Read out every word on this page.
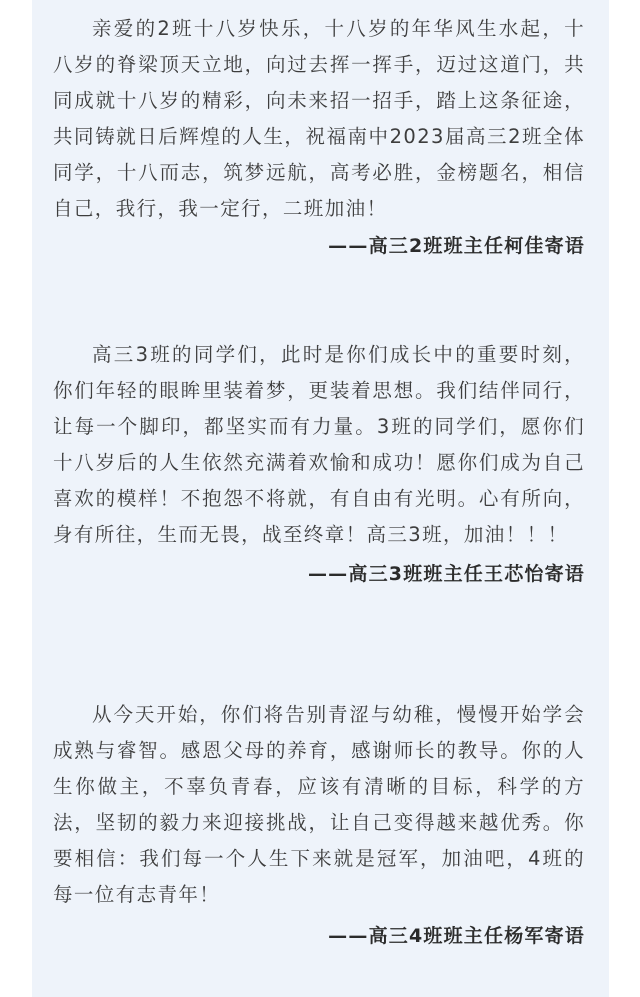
亲爱的2班十八岁快乐，十八岁的年华风生水起，十八岁的脊梁顶天立地，向过去挥一挥手，迈过这道门，共同成就十八岁的精彩，向未来招一招手，踏上这条征途，共同铸就日后辉煌的人生，祝福南中2023届高三2班全体同学，十八而志，筑梦远航，高考必胜，金榜题名，相信自己，我行，我一定行，二班加油！

——高三2班班主任柯佳寄语

高三3班的同学们，此时是你们成长中的重要时刻，你们年轻的眼眸里装着梦，更装着思想。我们结伴同行，让每一个脚印，都坚实而有力量。3班的同学们，愿你们十八岁后的人生依然充满着欢愉和成功！愿你们成为自己喜欢的模样！不抱怨不将就，有自由有光明。心有所向，身有所往，生而无畏，战至终章！高三3班，加油！！！

——高三3班班主任王芯怡寄语

从今天开始，你们将告别青涩与幼稚，慢慢开始学会成熟与睿智。感恩父母的养育，感谢师长的教导。你的人生你做主，不辜负青春，应该有清晰的目标，科学的方法，坚韧的毅力来迎接挑战，让自己变得越来越优秀。你要相信：我们每一个人生下来就是冠军，加油吧，4班的每一位有志青年！

——高三4班班主任杨军寄语
